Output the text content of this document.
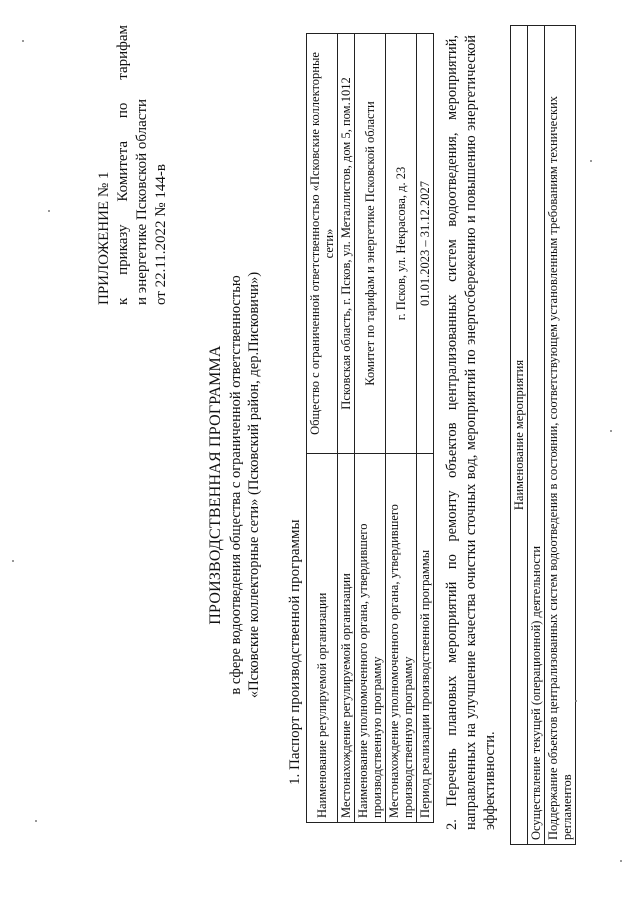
ПРИЛОЖЕНИЕ № 1 к
приказу
Комитета
по
тарифам
и энергетике Псковской области от 22.11.2022 № 144-в
ПРОИЗВОДСТВЕННАЯ ПРОГРАММА в сфере водоотведения общества с ограниченной ответственностью «Псковские коллекторные сети» (Псковский район, дер.Писковичи») 1. Паспорт производственной программы Наименование регулируемой организации	Общество с ограниченной ответственностью «Псковские коллекторные сети»
Местонахождение регулируемой организации	Псковская область, г. Псков, ул. Металлистов, дом 5, пом.1012
Наименование уполномоченного органа, утвердившего производственную программу	Комитет по тарифам и энергетике Псковской области
Местонахождение уполномоченного органа, утвердившего производственную программу	г. Псков, ул. Некрасова, д. 23
Период реализации производственной программы	01.01.2023 – 31.12.2027 2. Перечень плановых мероприятий по ремонту объектов централизованных систем водоотведения, мероприятий, направленных на улучшение качества очистки сточных вод, мероприятий по энергосбережению и повышению энергетической эффективности.
Наименование мероприятия
Осуществление текущей (операционной) деятельности
Поддержание объектов централизованных систем водоотведения в состоянии, соответствующем установленным требованиям технических регламентов
